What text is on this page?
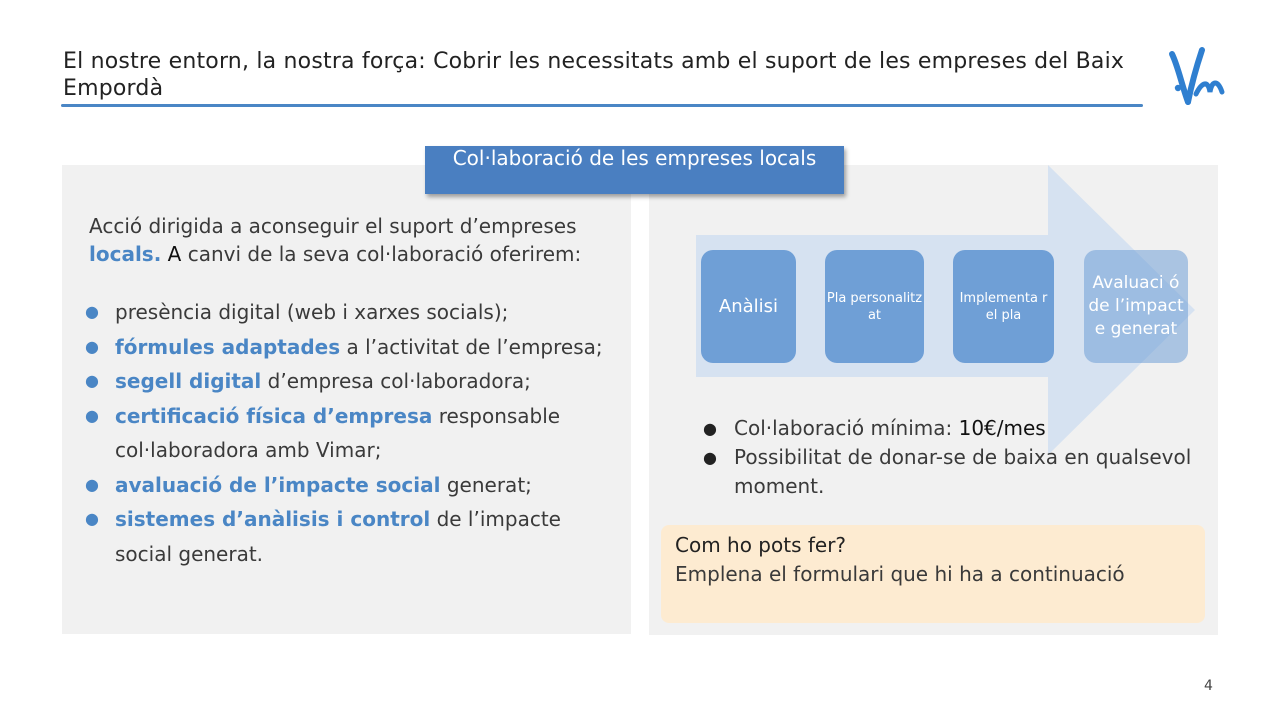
El nostre entorn, la nostra força: Cobrir les necessitats amb el suport de les empreses del Baix Empordà
Col·laboració de les empreses locals
Acció dirigida a aconseguir el suport d’empreses locals. A canvi de la seva col·laboració oferirem:
● presència digital (web i xarxes socials);
● fórmules adaptades a l’activitat de l’empresa;
● segell digital d’empresa col·laboradora;
● certificació física d’empresa responsable col·laboradora amb Vimar;
● avaluació de l’impacte social generat;
● sistemes d’anàlisis i control de l’impacte social generat.
Anàlisi	Pla personalitz at
Implementa r el pla
Avaluaci ó de l’impact e generat
● Col·laboració mínima: 10€/mes
● Possibilitat de donar-se de baixa en qualsevol moment.
Com ho pots fer?
Emplena el formulari que hi ha a continuació
4
